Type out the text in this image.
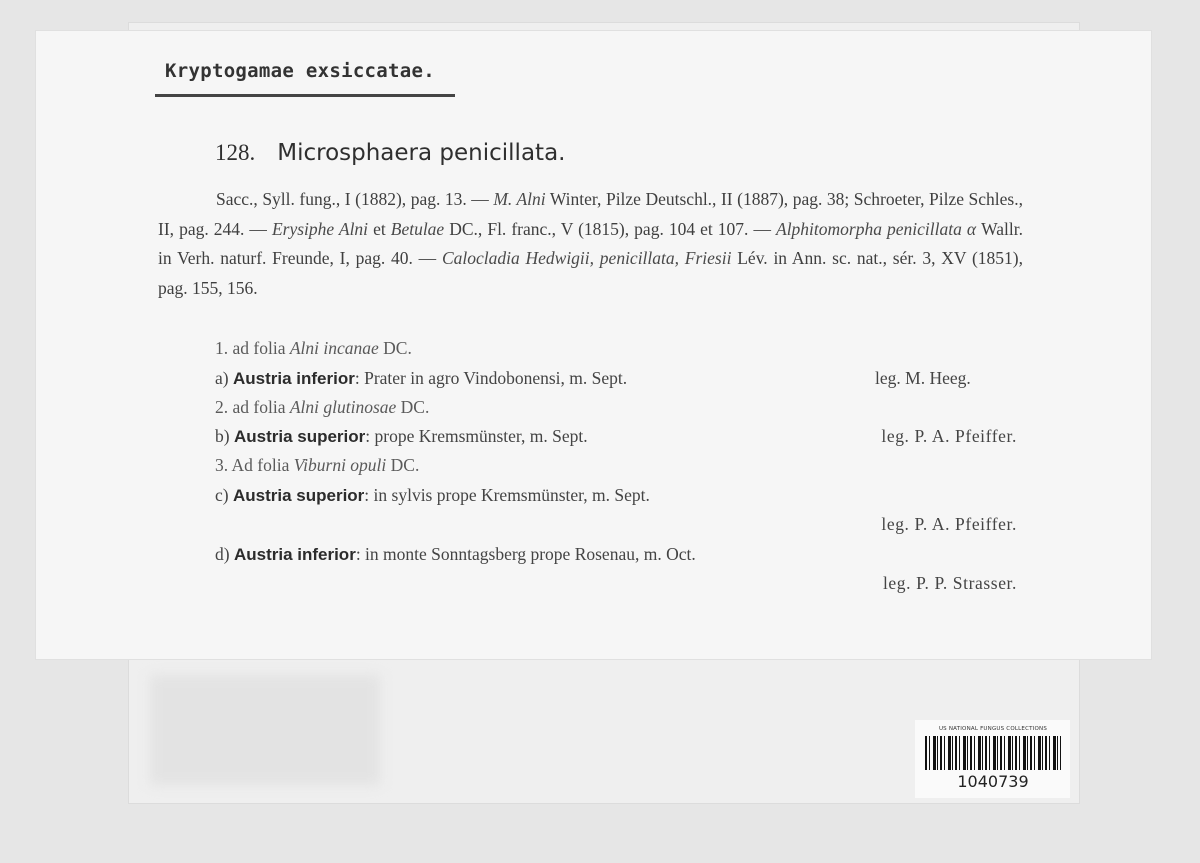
Kryptogamae exsiccatae.
128. Microsphaera penicillata.
Sacc., Syll. fung., I (1882), pag. 13. — M. Alni Winter, Pilze Deutschl., II (1887), pag. 38; Schroeter, Pilze Schles., II, pag. 244. — Erysiphe Alni et Betulae DC., Fl. franc., V (1815), pag. 104 et 107. — Alphitomorpha penicillata α Wallr. in Verh. naturf. Freunde, I, pag. 40. — Calocladia Hedwigii, penicillata, Friesii Lév. in Ann. sc. nat., sér. 3, XV (1851), pag. 155, 156.
1. ad folia Alni incanae DC.
a) Austria inferior: Prater in agro Vindobonensi, m. Sept.	leg. M. Heeg.
2. ad folia Alni glutinosae DC.
b) Austria superior: prope Kremsmünster, m. Sept.	leg. P. A. Pfeiffer.
3. Ad folia Viburni opuli DC.
c) Austria superior: in sylvis prope Kremsmünster, m. Sept.
leg. P. A. Pfeiffer.
d) Austria inferior: in monte Sonntagsberg prope Rosenau, m. Oct.
leg. P. P. Strasser.
US NATIONAL FUNGUS COLLECTIONS
1040739
